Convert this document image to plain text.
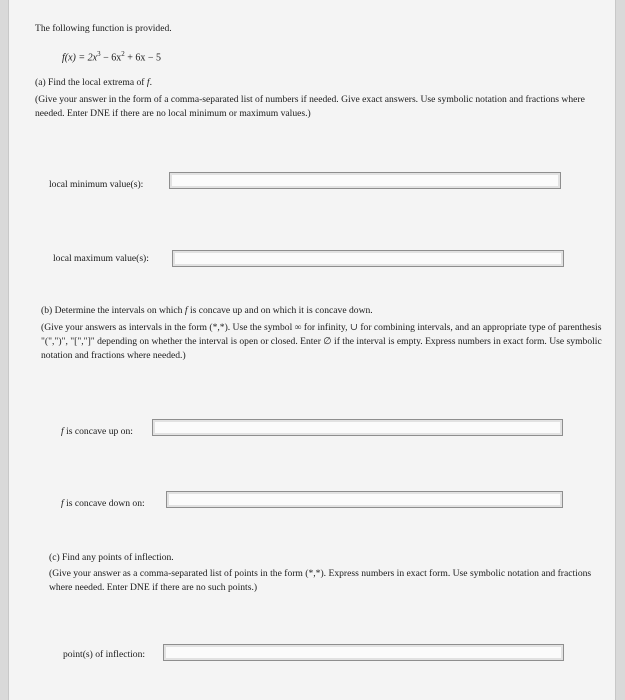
The following function is provided.
$f(x) = 2x^3 - 6x^2 + 6x - 5$
(a) Find the local extrema of f.
(Give your answer in the form of a comma-separated list of numbers if needed. Give exact answers. Use symbolic notation and fractions where needed. Enter DNE if there are no local minimum or maximum values.)
local minimum value(s):
local maximum value(s):
(b) Determine the intervals on which f is concave up and on which it is concave down.
(Give your answers as intervals in the form (*,*). Use the symbol ∞ for infinity, ∪ for combining intervals, and an appropriate type of parenthesis "(",")", "[","]" depending on whether the interval is open or closed. Enter ∅ if the interval is empty. Express numbers in exact form. Use symbolic notation and fractions where needed.)
f is concave up on:
f is concave down on:
(c) Find any points of inflection.
(Give your answer as a comma-separated list of points in the form (*,*). Express numbers in exact form. Use symbolic notation and fractions where needed. Enter DNE if there are no such points.)
point(s) of inflection:
